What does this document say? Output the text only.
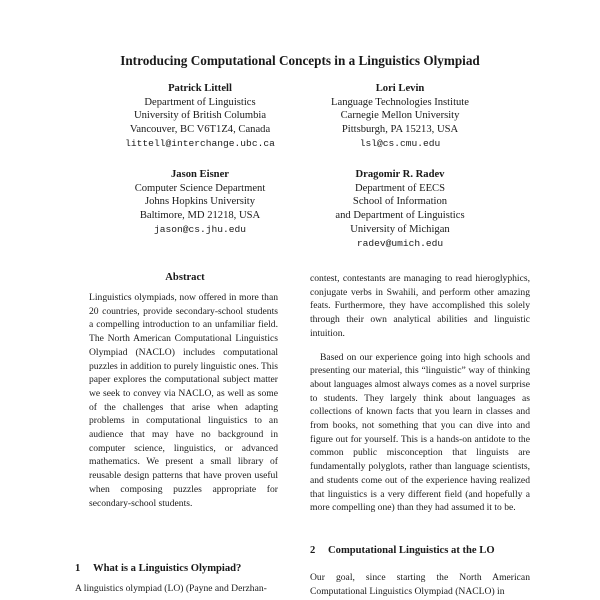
Introducing Computational Concepts in a Linguistics Olympiad
Patrick Littell
Department of Linguistics
University of British Columbia
Vancouver, BC V6T1Z4, Canada
littell@interchange.ubc.ca
Lori Levin
Language Technologies Institute
Carnegie Mellon University
Pittsburgh, PA 15213, USA
lsl@cs.cmu.edu
Jason Eisner
Computer Science Department
Johns Hopkins University
Baltimore, MD 21218, USA
jason@cs.jhu.edu
Dragomir R. Radev
Department of EECS
School of Information
and Department of Linguistics
University of Michigan
radev@umich.edu
Abstract
Linguistics olympiads, now offered in more than 20 countries, provide secondary-school students a compelling introduction to an unfamiliar field. The North American Computational Linguistics Olympiad (NACLO) includes computational puzzles in addition to purely linguistic ones. This paper explores the computational subject matter we seek to convey via NACLO, as well as some of the challenges that arise when adapting problems in computational linguistics to an audience that may have no background in computer science, linguistics, or advanced mathematics. We present a small library of reusable design patterns that have proven useful when composing puzzles appropriate for secondary-school students.
1 What is a Linguistics Olympiad?
A linguistics olympiad (LO) (Payne and Derzhan-

contest, contestants are managing to read hieroglyphics, conjugate verbs in Swahili, and perform other amazing feats. Furthermore, they have accomplished this solely through their own analytical abilities and linguistic intuition.

Based on our experience going into high schools and presenting our material, this “linguistic” way of thinking about languages almost always comes as a novel surprise to students. They largely think about languages as collections of known facts that you learn in classes and from books, not something that you can dive into and figure out for yourself. This is a hands-on antidote to the common public misconception that linguists are fundamentally polyglots, rather than language scientists, and students come out of the experience having realized that linguistics is a very different field (and hopefully a more compelling one) than they had assumed it to be.

2 Computational Linguistics at the LO
Our goal, since starting the North American Computational Linguistics Olympiad (NACLO) in
